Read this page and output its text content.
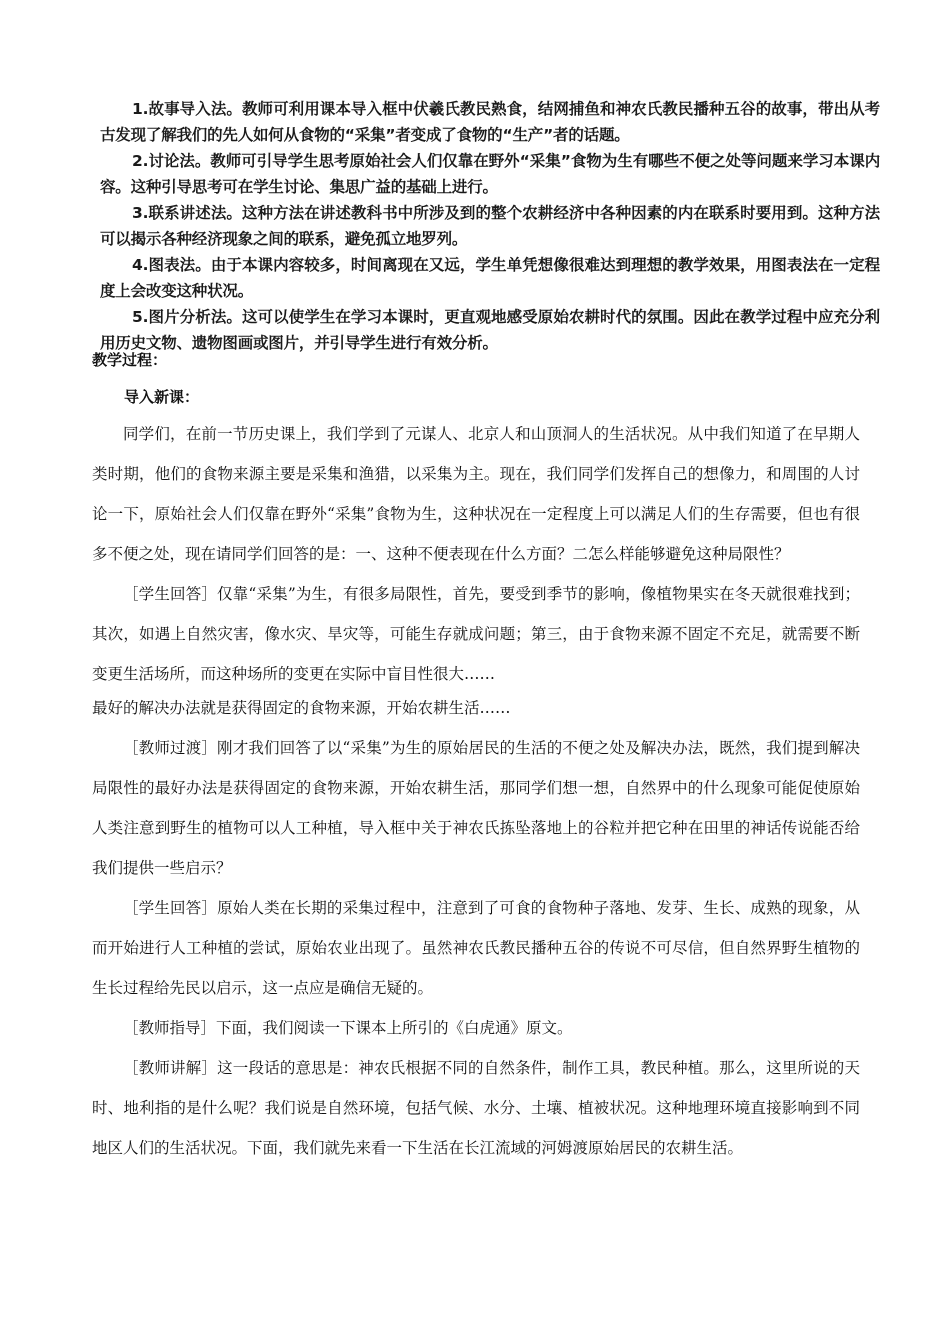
1.故事导入法。教师可利用课本导入框中伏羲氏教民熟食，结网捕鱼和神农氏教民播种五谷的故事，带出从考古发现了解我们的先人如何从食物的“采集”者变成了食物的“生产”者的话题。

2.讨论法。教师可引导学生思考原始社会人们仅靠在野外“采集”食物为生有哪些不便之处等问题来学习本课内容。这种引导思考可在学生讨论、集思广益的基础上进行。

3.联系讲述法。这种方法在讲述教科书中所涉及到的整个农耕经济中各种因素的内在联系时要用到。这种方法可以揭示各种经济现象之间的联系，避免孤立地罗列。

4.图表法。由于本课内容较多，时间离现在又远，学生单凭想像很难达到理想的教学效果，用图表法在一定程度上会改变这种状况。

5.图片分析法。这可以使学生在学习本课时，更直观地感受原始农耕时代的氛围。因此在教学过程中应充分利用历史文物、遗物图画或图片，并引导学生进行有效分析。

教学过程：
导入新课：

同学们，在前一节历史课上，我们学到了元谋人、北京人和山顶洞人的生活状况。从中我们知道了在早期人类时期，他们的食物来源主要是采集和渔猎，以采集为主。现在，我们同学们发挥自己的想像力，和周围的人讨论一下，原始社会人们仅靠在野外“采集”食物为生，这种状况在一定程度上可以满足人们的生存需要，但也有很多不便之处，现在请同学们回答的是：一、这种不便表现在什么方面？二怎么样能够避免这种局限性？

［学生回答］仅靠“采集”为生，有很多局限性，首先，要受到季节的影响，像植物果实在冬天就很难找到；其次，如遇上自然灾害，像水灾、旱灾等，可能生存就成问题；第三，由于食物来源不固定不充足，就需要不断变更生活场所，而这种场所的变更在实际中盲目性很大……

最好的解决办法就是获得固定的食物来源，开始农耕生活……

［教师过渡］刚才我们回答了以“采集”为生的原始居民的生活的不便之处及解决办法，既然，我们提到解决局限性的最好办法是获得固定的食物来源，开始农耕生活，那同学们想一想，自然界中的什么现象可能促使原始人类注意到野生的植物可以人工种植，导入框中关于神农氏拣坠落地上的谷粒并把它种在田里的神话传说能否给我们提供一些启示？

［学生回答］原始人类在长期的采集过程中，注意到了可食的食物种子落地、发芽、生长、成熟的现象，从而开始进行人工种植的尝试，原始农业出现了。虽然神农氏教民播种五谷的传说不可尽信，但自然界野生植物的生长过程给先民以启示，这一点应是确信无疑的。

［教师指导］下面，我们阅读一下课本上所引的《白虎通》原文。

［教师讲解］这一段话的意思是：神农氏根据不同的自然条件，制作工具，教民种植。那么，这里所说的天时、地利指的是什么呢？我们说是自然环境，包括气候、水分、土壤、植被状况。这种地理环境直接影响到不同地区人们的生活状况。下面，我们就先来看一下生活在长江流域的河姆渡原始居民的农耕生活。
